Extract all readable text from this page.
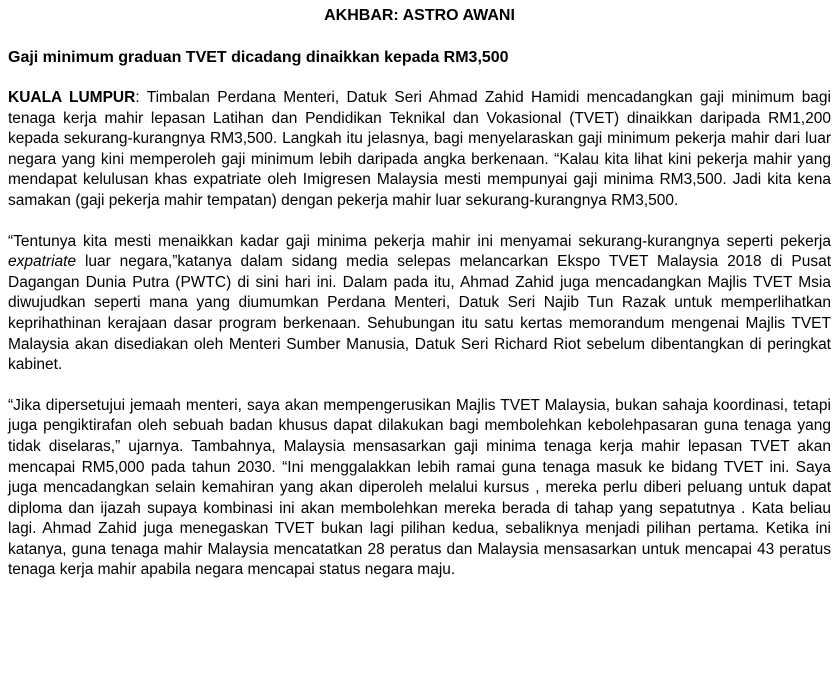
AKHBAR: ASTRO AWANI

Gaji minimum graduan TVET dicadang dinaikkan kepada RM3,500

KUALA LUMPUR: Timbalan Perdana Menteri, Datuk Seri Ahmad Zahid Hamidi mencadangkan gaji minimum bagi tenaga kerja mahir lepasan Latihan dan Pendidikan Teknikal dan Vokasional (TVET) dinaikkan daripada RM1,200 kepada sekurang-kurangnya RM3,500. Langkah itu jelasnya, bagi menyelaraskan gaji minimum pekerja mahir dari luar negara yang kini memperoleh gaji minimum lebih daripada angka berkenaan. “Kalau kita lihat kini pekerja mahir yang mendapat kelulusan khas expatriate oleh Imigresen Malaysia mesti mempunyai gaji minima RM3,500. Jadi kita kena samakan (gaji pekerja mahir tempatan) dengan pekerja mahir luar sekurang-kurangnya RM3,500.

“Tentunya kita mesti menaikkan kadar gaji minima pekerja mahir ini menyamai sekurang-kurangnya seperti pekerja expatriate luar negara,”katanya dalam sidang media selepas melancarkan Ekspo TVET Malaysia 2018 di Pusat Dagangan Dunia Putra (PWTC) di sini hari ini. Dalam pada itu, Ahmad Zahid juga mencadangkan Majlis TVET Msia diwujudkan seperti mana yang diumumkan Perdana Menteri, Datuk Seri Najib Tun Razak untuk memperlihatkan keprihathinan kerajaan dasar program berkenaan. Sehubungan itu satu kertas memorandum mengenai Majlis TVET Malaysia akan disediakan oleh Menteri Sumber Manusia, Datuk Seri Richard Riot sebelum dibentangkan di peringkat kabinet.

“Jika dipersetujui jemaah menteri, saya akan mempengerusikan Majlis TVET Malaysia, bukan sahaja koordinasi, tetapi juga pengiktirafan oleh sebuah badan khusus dapat dilakukan bagi membolehkan kebolehpasaran guna tenaga yang tidak diselaras,” ujarnya. Tambahnya, Malaysia mensasarkan gaji minima tenaga kerja mahir lepasan TVET akan mencapai RM5,000 pada tahun 2030. “Ini menggalakkan lebih ramai guna tenaga masuk ke bidang TVET ini. Saya juga mencadangkan selain kemahiran yang akan diperoleh melalui kursus , mereka perlu diberi peluang untuk dapat diploma dan ijazah supaya kombinasi ini akan membolehkan mereka berada di tahap yang sepatutnya . Kata beliau lagi. Ahmad Zahid juga menegaskan TVET bukan lagi pilihan kedua, sebaliknya menjadi pilihan pertama. Ketika ini katanya, guna tenaga mahir Malaysia mencatatkan 28 peratus dan Malaysia mensasarkan untuk mencapai 43 peratus tenaga kerja mahir apabila negara mencapai status negara maju.
